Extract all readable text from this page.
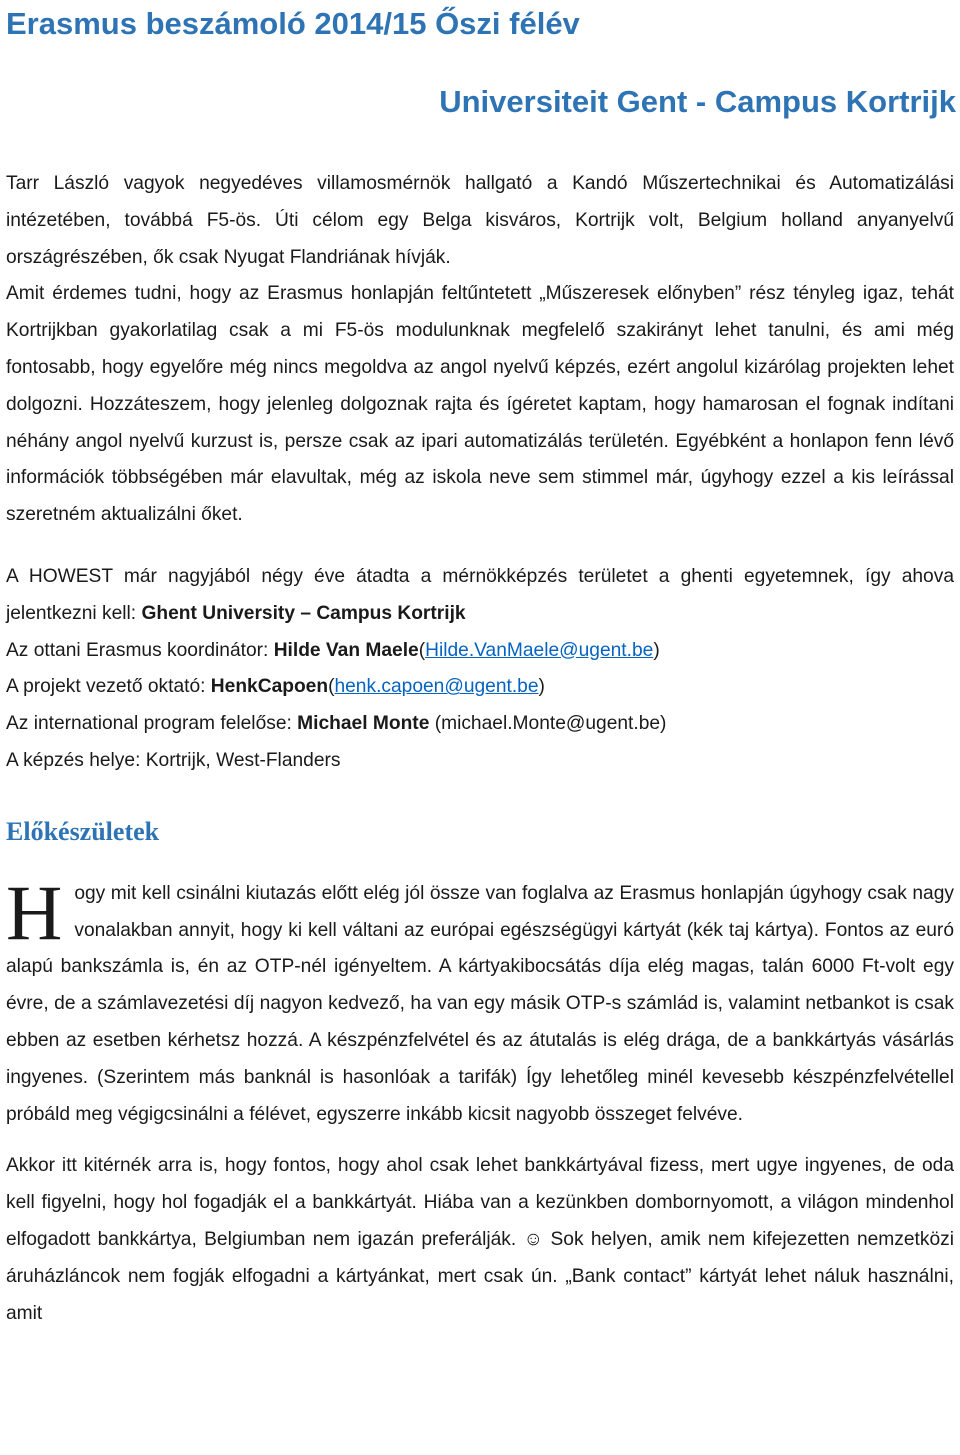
Erasmus beszámoló 2014/15 Őszi félév
Universiteit Gent - Campus Kortrijk

Tarr László vagyok negyedéves villamosmérnök hallgató a Kandó Műszertechnikai és Automatizálási intézetében, továbbá F5-ös. Úti célom egy Belga kisváros, Kortrijk volt, Belgium holland anyanyelvű országrészében, ők csak Nyugat Flandriának hívják.

Amit érdemes tudni, hogy az Erasmus honlapján feltűntetett „Műszeresek előnyben” rész tényleg igaz, tehát Kortrijkban gyakorlatilag csak a mi F5-ös modulunknak megfelelő szakirányt lehet tanulni, és ami még fontosabb, hogy egyelőre még nincs megoldva az angol nyelvű képzés, ezért angolul kizárólag projekten lehet dolgozni. Hozzáteszem, hogy jelenleg dolgoznak rajta és ígéretet kaptam, hogy hamarosan el fognak indítani néhány angol nyelvű kurzust is, persze csak az ipari automatizálás területén. Egyébként a honlapon fenn lévő információk többségében már elavultak, még az iskola neve sem stimmel már, úgyhogy ezzel a kis leírással szeretném aktualizálni őket.

A HOWEST már nagyjából négy éve átadta a mérnökképzés területet a ghenti egyetemnek, így ahova jelentkezni kell: Ghent University – Campus Kortrijk

Az ottani Erasmus koordinátor: Hilde Van Maele(Hilde.VanMaele@ugent.be)

A projekt vezető oktató: HenkCapoen(henk.capoen@ugent.be)

Az international program felelőse: Michael Monte (michael.Monte@ugent.be)

A képzés helye: Kortrijk, West-Flanders

Előkészületek

Hogy mit kell csinálni kiutazás előtt elég jól össze van foglalva az Erasmus honlapján úgyhogy csak nagy vonalakban annyit, hogy ki kell váltani az európai egészségügyi kártyát (kék taj kártya). Fontos az euró alapú bankszámla is, én az OTP-nél igényeltem. A kártyakibocsátás díja elég magas, talán 6000 Ft-volt egy évre, de a számlavezetési díj nagyon kedvező, ha van egy másik OTP-s számlád is, valamint netbankot is csak ebben az esetben kérhetsz hozzá. A készpénzfelvétel és az átutalás is elég drága, de a bankkártyás vásárlás ingyenes. (Szerintem más banknál is hasonlóak a tarifák) Így lehetőleg minél kevesebb készpénzfelvétellel próbáld meg végigcsinálni a félévet, egyszerre inkább kicsit nagyobb összeget felvéve.

Akkor itt kitérnék arra is, hogy fontos, hogy ahol csak lehet bankkártyával fizess, mert ugye ingyenes, de oda kell figyelni, hogy hol fogadják el a bankkártyát. Hiába van a kezünkben dombornyomott, a világon mindenhol elfogadott bankkártya, Belgiumban nem igazán preferálják. ☺ Sok helyen, amik nem kifejezetten nemzetközi áruházláncok nem fogják elfogadni a kártyánkat, mert csak ún. „Bank contact” kártyát lehet náluk használni, amit
